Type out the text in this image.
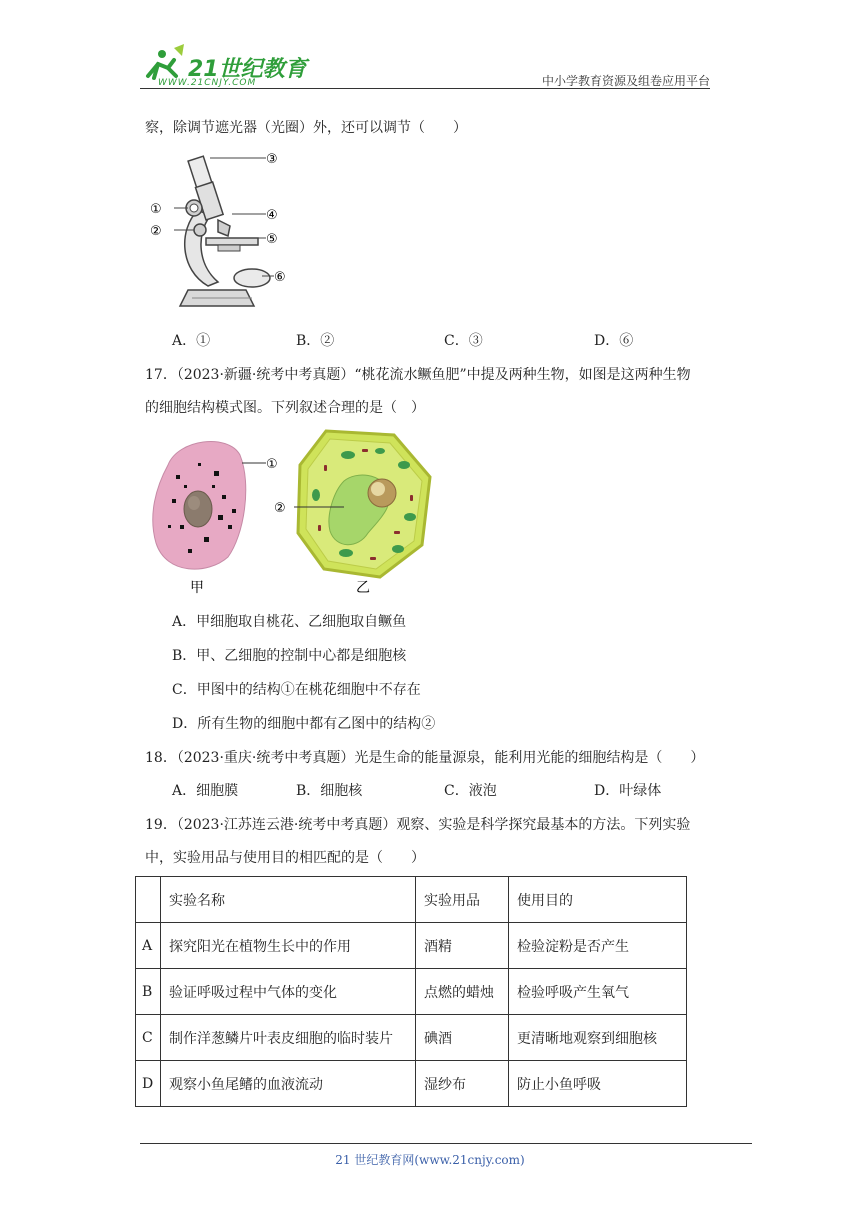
21世纪教育
WWW.21CNJY.COM	中小学教育资源及组卷应用平台
察，除调节遮光器（光圈）外，还可以调节（　　）
③
①
②
④
⑤
⑥
A．①	B．②	C．③	D．⑥
17．（2023·新疆·统考中考真题）“桃花流水鳜鱼肥”中提及两种生物，如图是这两种生物
的细胞结构模式图。下列叙述合理的是（　）
①
②
甲	乙
A．甲细胞取自桃花、乙细胞取自鳜鱼
B．甲、乙细胞的控制中心都是细胞核
C．甲图中的结构①在桃花细胞中不存在
D．所有生物的细胞中都有乙图中的结构②
18．（2023·重庆·统考中考真题）光是生命的能量源泉，能利用光能的细胞结构是（　　）
A．细胞膜	B．细胞核	C．液泡	D．叶绿体
19．（2023·江苏连云港·统考中考真题）观察、实验是科学探究最基本的方法。下列实验
中，实验用品与使用目的相匹配的是（　　）
	实验名称	实验用品	使用目的
A	探究阳光在植物生长中的作用	酒精	检验淀粉是否产生
B	验证呼吸过程中气体的变化	点燃的蜡烛	检验呼吸产生氧气
C	制作洋葱鳞片叶表皮细胞的临时装片	碘酒	更清晰地观察到细胞核
D	观察小鱼尾鳍的血液流动	湿纱布	防止小鱼呼吸
21 世纪教育网(www.21cnjy.com)
